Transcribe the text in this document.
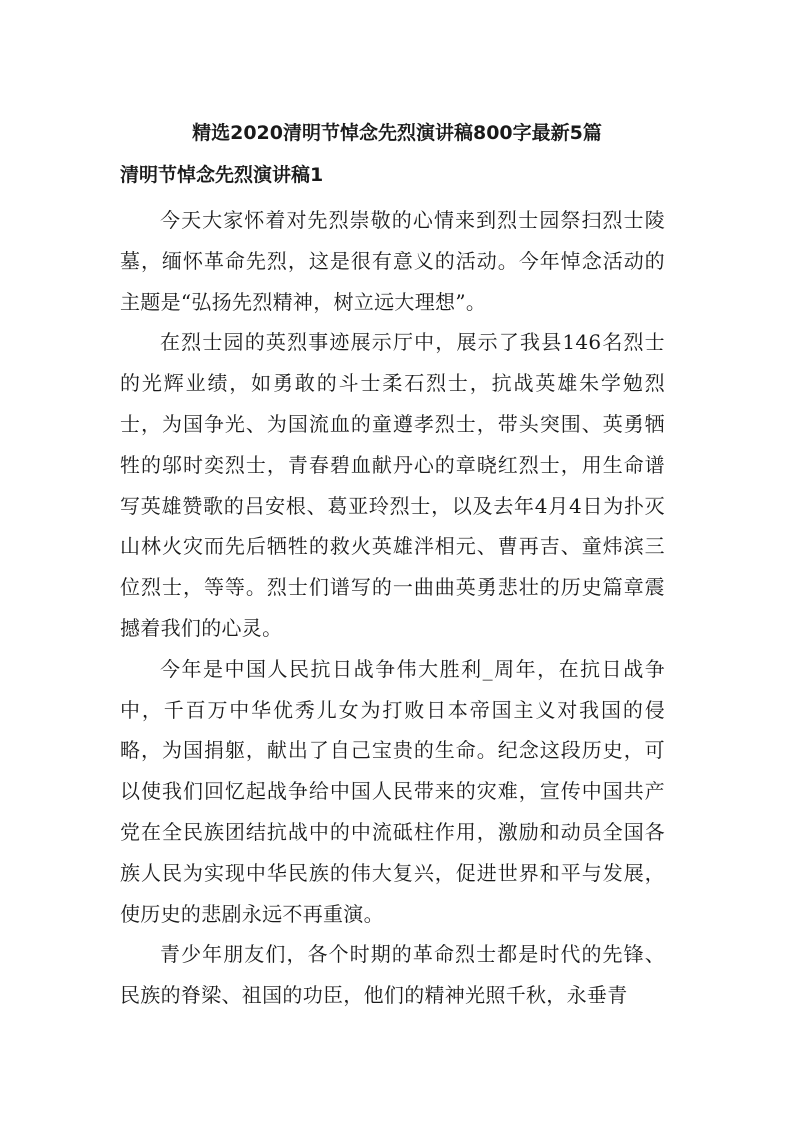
精选2020清明节悼念先烈演讲稿800字最新5篇
清明节悼念先烈演讲稿1

今天大家怀着对先烈崇敬的心情来到烈士园祭扫烈士陵墓，缅怀革命先烈，这是很有意义的活动。今年悼念活动的主题是“弘扬先烈精神，树立远大理想”。

在烈士园的英烈事迹展示厅中，展示了我县146名烈士的光辉业绩，如勇敢的斗士柔石烈士，抗战英雄朱学勉烈士，为国争光、为国流血的童遵孝烈士，带头突围、英勇牺牲的邬时奕烈士，青春碧血献丹心的章晓红烈士，用生命谱写英雄赞歌的吕安根、葛亚玲烈士，以及去年4月4日为扑灭山林火灾而先后牺牲的救火英雄泮相元、曹再吉、童炜滨三位烈士，等等。烈士们谱写的一曲曲英勇悲壮的历史篇章震撼着我们的心灵。

今年是中国人民抗日战争伟大胜利_周年，在抗日战争中，千百万中华优秀儿女为打败日本帝国主义对我国的侵略，为国捐躯，献出了自己宝贵的生命。纪念这段历史，可以使我们回忆起战争给中国人民带来的灾难，宣传中国共产党在全民族团结抗战中的中流砥柱作用，激励和动员全国各族人民为实现中华民族的伟大复兴，促进世界和平与发展，使历史的悲剧永远不再重演。

青少年朋友们，各个时期的革命烈士都是时代的先锋、民族的脊梁、祖国的功臣，他们的精神光照千秋，永垂青
